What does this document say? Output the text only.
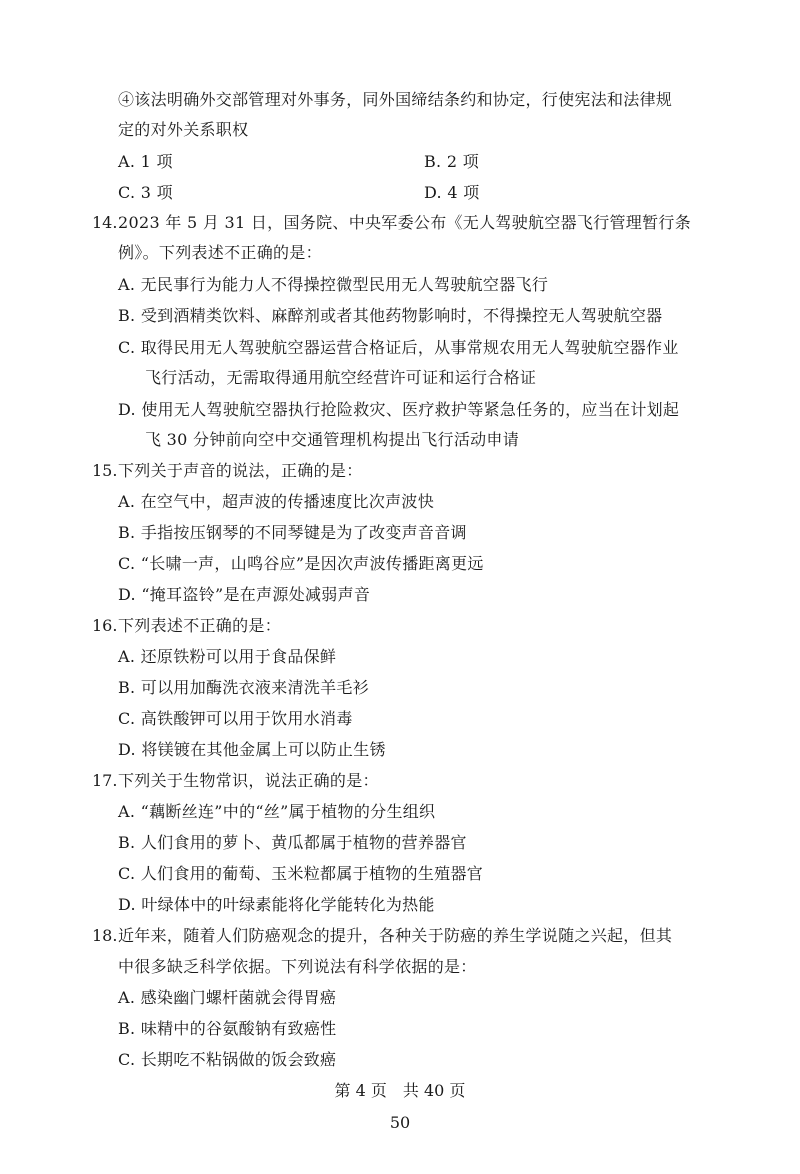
④该法明确外交部管理对外事务，同外国缔结条约和协定，行使宪法和法律规
定的对外关系职权
A. 1 项	B. 2 项
C. 3 项	D. 4 项
14. 2023 年 5 月 31 日，国务院、中央军委公布《无人驾驶航空器飞行管理暂行条
例》。下列表述不正确的是：
A. 无民事行为能力人不得操控微型民用无人驾驶航空器飞行
B. 受到酒精类饮料、麻醉剂或者其他药物影响时，不得操控无人驾驶航空器
C. 取得民用无人驾驶航空器运营合格证后，从事常规农用无人驾驶航空器作业
飞行活动，无需取得通用航空经营许可证和运行合格证
D. 使用无人驾驶航空器执行抢险救灾、医疗救护等紧急任务的，应当在计划起
飞 30 分钟前向空中交通管理机构提出飞行活动申请
15. 下列关于声音的说法，正确的是：
A. 在空气中，超声波的传播速度比次声波快
B. 手指按压钢琴的不同琴键是为了改变声音音调
C. “长啸一声，山鸣谷应”是因次声波传播距离更远
D. “掩耳盗铃”是在声源处减弱声音
16. 下列表述不正确的是：
A. 还原铁粉可以用于食品保鲜
B. 可以用加酶洗衣液来清洗羊毛衫
C. 高铁酸钾可以用于饮用水消毒
D. 将镁镀在其他金属上可以防止生锈
17. 下列关于生物常识，说法正确的是：
A. “藕断丝连”中的“丝”属于植物的分生组织
B. 人们食用的萝卜、黄瓜都属于植物的营养器官
C. 人们食用的葡萄、玉米粒都属于植物的生殖器官
D. 叶绿体中的叶绿素能将化学能转化为热能
18. 近年来，随着人们防癌观念的提升，各种关于防癌的养生学说随之兴起，但其
中很多缺乏科学依据。下列说法有科学依据的是：
A. 感染幽门螺杆菌就会得胃癌
B. 味精中的谷氨酸钠有致癌性
C. 长期吃不粘锅做的饭会致癌
第 4 页　共 40 页
50
